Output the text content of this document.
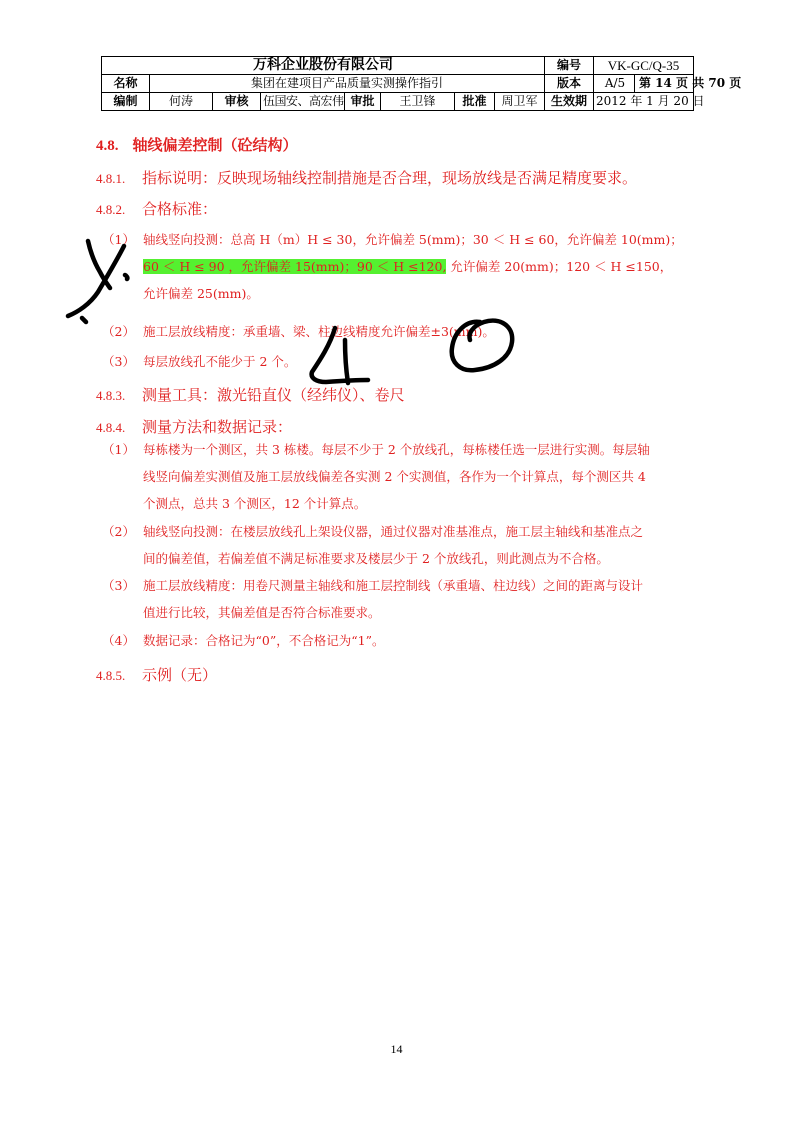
万科企业股份有限公司								编号	VK-GC/Q-35
名称	集团在建项目产品质量实测操作指引							版本	A/5 第 14 页 共 70 页
编制	何涛	审核	伍国安、高宏伟	审批	王卫锋	批准	周卫军	生效期	2012 年 1 月 20 日
4.8. 轴线偏差控制（砼结构）
4.8.1. 指标说明：反映现场轴线控制措施是否合理，现场放线是否满足精度要求。
4.8.2. 合格标准：
（1） 轴线竖向投测：总高 H（m）H ≤ 30，允许偏差 5(mm)；30 ＜ H ≤ 60，允许偏差 10(mm)；
60 ＜ H ≤ 90 ，允许偏差 15(mm)；90 ＜ H ≤120, 允许偏差 20(mm)；120 ＜ H ≤150，
允许偏差 25(mm)。
（2） 施工层放线精度：承重墙、梁、柱边线精度允许偏差±3(mm)。
（3） 每层放线孔不能少于 2 个。
4.8.3. 测量工具：激光铅直仪（经纬仪）、卷尺
4.8.4. 测量方法和数据记录：
（1） 每栋楼为一个测区，共 3 栋楼。每层不少于 2 个放线孔，每栋楼任选一层进行实测。每层轴
线竖向偏差实测值及施工层放线偏差各实测 2 个实测值，各作为一个计算点，每个测区共 4
个测点，总共 3 个测区，12 个计算点。
（2） 轴线竖向投测：在楼层放线孔上架设仪器，通过仪器对准基准点，施工层主轴线和基准点之
间的偏差值，若偏差值不满足标准要求及楼层少于 2 个放线孔，则此测点为不合格。
（3） 施工层放线精度：用卷尺测量主轴线和施工层控制线（承重墙、柱边线）之间的距离与设计
值进行比较，其偏差值是否符合标准要求。
（4） 数据记录：合格记为“0”，不合格记为“1”。
4.8.5. 示例（无）
14
